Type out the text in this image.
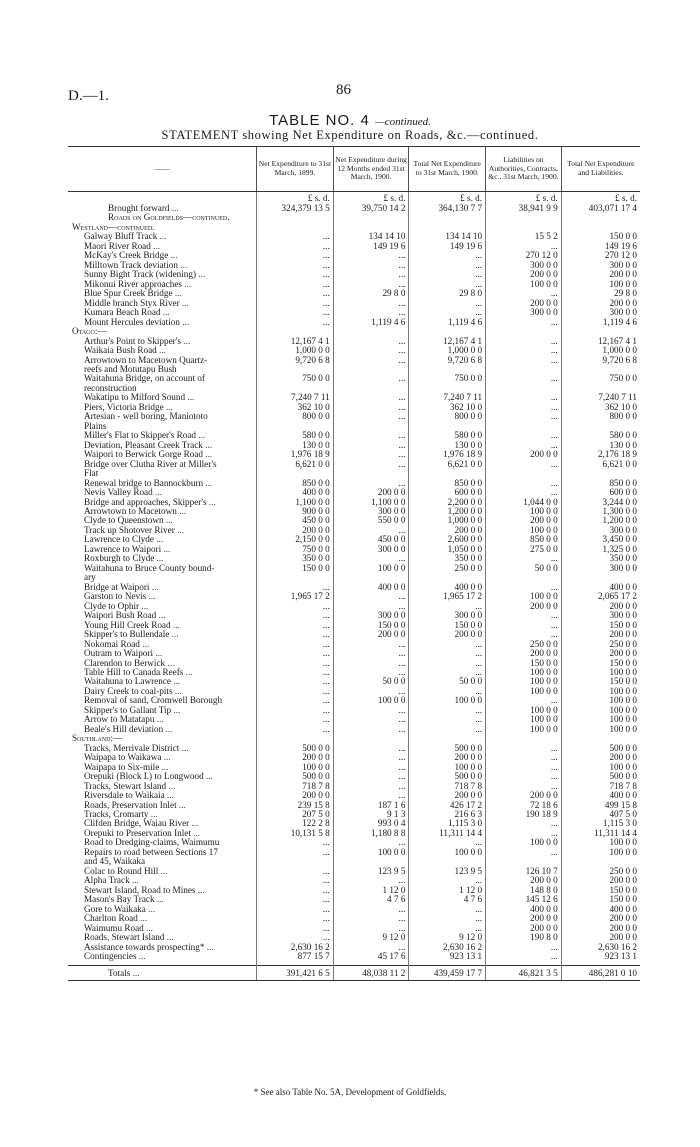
D.—1.	86
TABLE NO. 4 —continued.
STATEMENT showing Net Expenditure on Roads, &c.—continued.
——	Net Expenditure to 31st March, 1899.	Net Expenditure during 12 Months ended 31st March, 1900.	Total Net Expenditure to 31st March, 1900.	Liabilities on Authorities, Contracts, &c., 31st March, 1900.	Total Net Expenditure and Liabilities.
	£ s. d.	£ s. d.	£ s. d.	£ s. d.	£ s. d.
Brought forward ...	324,379 13 5	39,750 14 2	364,130 7 7	38,941 9 9	403,071 17 4
Roads on Goldfields—continued.					
Westland—continued.					
Galway Bluff Track ...	...	134 14 10	134 14 10	15 5 2	150 0 0
Maori River Road ...	...	149 19 6	149 19 6	...	149 19 6
McKay's Creek Bridge ...	...	...	...	270 12 0	270 12 0
Milltown Track deviation ...	...	...	...	300 0 0	300 0 0
Sunny Bight Track (widening) ...	...	...	...	200 0 0	200 0 0
Mikonui River approaches ...	...	...	...	100 0 0	100 0 0
Blue Spur Creek Bridge ...	...	29 8 0	29 8 0	...	29 8 0
Middle branch Styx River ...	...	...	...	200 0 0	200 0 0
Kumara Beach Road ...	...	...	...	300 0 0	300 0 0
Mount Hercules deviation ...	...	1,119 4 6	1,119 4 6	...	1,119 4 6
Otago:—					
Arthur's Point to Skipper's ...	12,167 4 1	...	12,167 4 1	...	12,167 4 1
Waikaia Bush Road ...	1,000 0 0	...	1,000 0 0	...	1,000 0 0
Arrowtown to Macetown Quartz-	9,720 6 8	...	9,720 6 8	...	9,720 6 8
reefs and Motutapu Bush					
Waitahuna Bridge, on account of	750 0 0	...	750 0 0	...	750 0 0
reconstruction					
Wakatipu to Milford Sound ...	7,240 7 11	...	7,240 7 11	...	7,240 7 11
Piers, Victoria Bridge ...	362 10 0	...	362 10 0	...	362 10 0
Artesian - well boring, Maniototo	800 0 0	...	800 0 0	...	800 0 0
Plains					
Miller's Flat to Skipper's Road ...	580 0 0	...	580 0 0	...	580 0 0
Deviation, Pleasant Creek Track ...	130 0 0	...	130 0 0	...	130 0 0
Waipori to Berwick Gorge Road ...	1,976 18 9	...	1,976 18 9	200 0 0	2,176 18 9
Bridge over Clutha River at Miller's	6,621 0 0	...	6,621 0 0	...	6,621 0 0
Flat					
Renewal bridge to Bannockburn ...	850 0 0	...	850 0 0	...	850 0 0
Nevis Valley Road ...	400 0 0	200 0 0	600 0 0	...	600 0 0
Bridge and approaches, Skipper's ...	1,100 0 0	1,100 0 0	2,200 0 0	1,044 0 0	3,244 0 0
Arrowtown to Macetown ...	900 0 0	300 0 0	1,200 0 0	100 0 0	1,300 0 0
Clyde to Queenstown ...	450 0 0	550 0 0	1,000 0 0	200 0 0	1,200 0 0
Track up Shotover River ...	200 0 0	...	200 0 0	100 0 0	300 0 0
Lawrence to Clyde ...	2,150 0 0	450 0 0	2,600 0 0	850 0 0	3,450 0 0
Lawrence to Waipori ...	750 0 0	300 0 0	1,050 0 0	275 0 0	1,325 0 0
Roxburgh to Clyde ...	350 0 0	...	350 0 0	...	350 0 0
Waitahuna to Bruce County bound-	150 0 0	100 0 0	250 0 0	50 0 0	300 0 0
ary					
Bridge at Waipori ...	...	400 0 0	400 0 0	...	400 0 0
Garston to Nevis ...	1,965 17 2	...	1,965 17 2	100 0 0	2,065 17 2
Clyde to Ophir ...	...	...	...	200 0 0	200 0 0
Waipori Bush Road ...	...	300 0 0	300 0 0	...	300 0 0
Young Hill Creek Road ...	...	150 0 0	150 0 0	...	150 0 0
Skipper's to Bullendale ...	...	200 0 0	200 0 0	...	200 0 0
Nokomai Road ...	...	...	...	250 0 0	250 0 0
Outram to Waipori ...	...	...	...	200 0 0	200 0 0
Clarendon to Berwick ...	...	...	...	150 0 0	150 0 0
Table Hill to Canada Reefs ...	...	...	...	100 0 0	100 0 0
Waitahuna to Lawrence ...	...	50 0 0	50 0 0	100 0 0	150 0 0
Dairy Creek to coal-pits ...	...	...	...	100 0 0	100 0 0
Removal of sand, Cromwell Borough	...	100 0 0	100 0 0	...	100 0 0
Skipper's to Gallant Tip ...	...	...	...	100 0 0	100 0 0
Arrow to Matatapu ...	...	...	...	100 0 0	100 0 0
Beale's Hill deviation ...	...	...	...	100 0 0	100 0 0
Southland:—					
Tracks, Merrivale District ...	500 0 0	...	500 0 0	...	500 0 0
Waipapa to Waikawa ...	200 0 0	...	200 0 0	...	200 0 0
Waipapa to Six-mile ...	100 0 0	...	100 0 0	...	100 0 0
Orepuki (Block I.) to Longwood ...	500 0 0	...	500 0 0	...	500 0 0
Tracks, Stewart Island ...	718 7 8	...	718 7 8	...	718 7 8
Riversdale to Waikaia ...	200 0 0	...	200 0 0	200 0 0	400 0 0
Roads, Preservation Inlet ...	239 15 8	187 1 6	426 17 2	72 18 6	499 15 8
Tracks, Cromarty ...	207 5 0	9 1 3	216 6 3	190 18 9	407 5 0
Clifden Bridge, Waiau River ...	122 2 8	993 0 4	1,115 3 0	...	1,115 3 0
Orepuki to Preservation Inlet ...	10,131 5 8	1,180 8 8	11,311 14 4	...	11,311 14 4
Road to Dredging-claims, Waimumu	...	...	...	100 0 0	100 0 0
Repairs to road between Sections 17	...	100 0 0	100 0 0	...	100 0 0
and 45, Waikaka					
Colac to Round Hill ...	...	123 9 5	123 9 5	126 10 7	250 0 0
Alpha Track ...	...	...	...	200 0 0	200 0 0
Stewart Island, Road to Mines ...	...	1 12 0	1 12 0	148 8 0	150 0 0
Mason's Bay Track ...	...	4 7 6	4 7 6	145 12 6	150 0 0
Gore to Waikaka ...	...	...	...	400 0 0	400 0 0
Charlton Road ...	...	...	...	200 0 0	200 0 0
Waimumu Road ...	...	...	...	200 0 0	200 0 0
Roads, Stewart Island ...	...	9 12 0	9 12 0	190 8 0	200 0 0
Assistance towards prospecting* ...	2,630 16 2	...	2,630 16 2	...	2,630 16 2
Contingencies ...	877 15 7	45 17 6	923 13 1	...	923 13 1

Totals ...	391,421 6 5	48,038 11 2	439,459 17 7	46,821 3 5	486,281 0 10
* See also Table No. 5A, Development of Goldfields.
